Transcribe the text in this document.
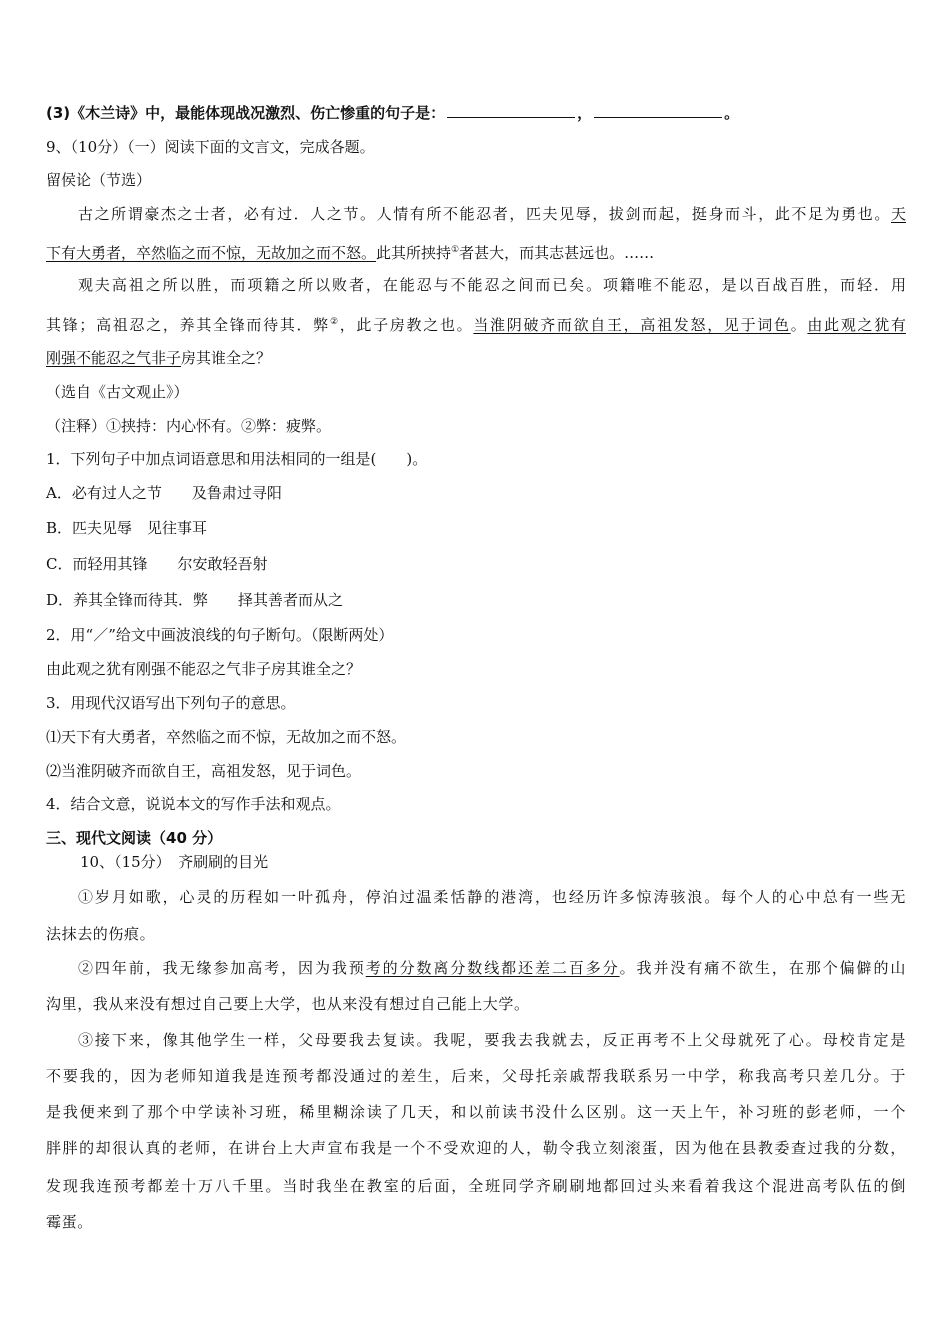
(3)《木兰诗》中，最能体现战况激烈、伤亡惨重的句子是：	，	。
9、（10分）（一）阅读下面的文言文，完成各题。
留侯论（节选）
古之所谓豪杰之士者，必有过．人之节。人情有所不能忍者，匹夫见辱，拔剑而起，挺身而斗，此不足为勇也。天
下有大勇者，卒然临之而不惊，无故加之而不怒。此其所挟持①者甚大，而其志甚远也。……
观夫高祖之所以胜，而项籍之所以败者，在能忍与不能忍之间而已矣。项籍唯不能忍，是以百战百胜，而轻．用
其锋；高祖忍之，养其全锋而待其．弊②，此子房教之也。当淮阴破齐而欲自王，高祖发怒，见于词色。由此观之犹有
刚强不能忍之气非子房其谁全之？
（选自《古文观止》）
（注释）①挟持：内心怀有。②弊：疲弊。
1．下列句子中加点词语意思和用法相同的一组是(　　)。
A．必有过人之节　　及鲁肃过寻阳
B．匹夫见辱　见往事耳
C．而轻用其锋　　尔安敢轻吾射
D．养其全锋而待其．弊　　择其善者而从之
2．用“／”给文中画波浪线的句子断句。（限断两处）
由此观之犹有刚强不能忍之气非子房其谁全之？
3．用现代汉语写出下列句子的意思。
⑴天下有大勇者，卒然临之而不惊，无故加之而不怒。
⑵当淮阴破齐而欲自王，高祖发怒，见于词色。
4．结合文意，说说本文的写作手法和观点。
三、现代文阅读（40 分）
10、（15分）　齐刷刷的目光
①岁月如歌，心灵的历程如一叶孤舟，停泊过温柔恬静的港湾，也经历许多惊涛骇浪。每个人的心中总有一些无
法抹去的伤痕。
②四年前，我无缘参加高考，因为我预考的分数离分数线都还差二百多分。我并没有痛不欲生，在那个偏僻的山
沟里，我从来没有想过自己要上大学，也从来没有想过自己能上大学。
③接下来，像其他学生一样，父母要我去复读。我呢，要我去我就去，反正再考不上父母就死了心。母校肯定是
不要我的，因为老师知道我是连预考都没通过的差生，后来，父母托亲戚帮我联系另一中学，称我高考只差几分。于
是我便来到了那个中学读补习班，稀里糊涂读了几天，和以前读书没什么区别。这一天上午，补习班的彭老师，一个
胖胖的却很认真的老师，在讲台上大声宣布我是一个不受欢迎的人，勒令我立刻滚蛋，因为他在县教委查过我的分数，
发现我连预考都差十万八千里。当时我坐在教室的后面，全班同学齐刷刷地都回过头来看着我这个混进高考队伍的倒
霉蛋。
